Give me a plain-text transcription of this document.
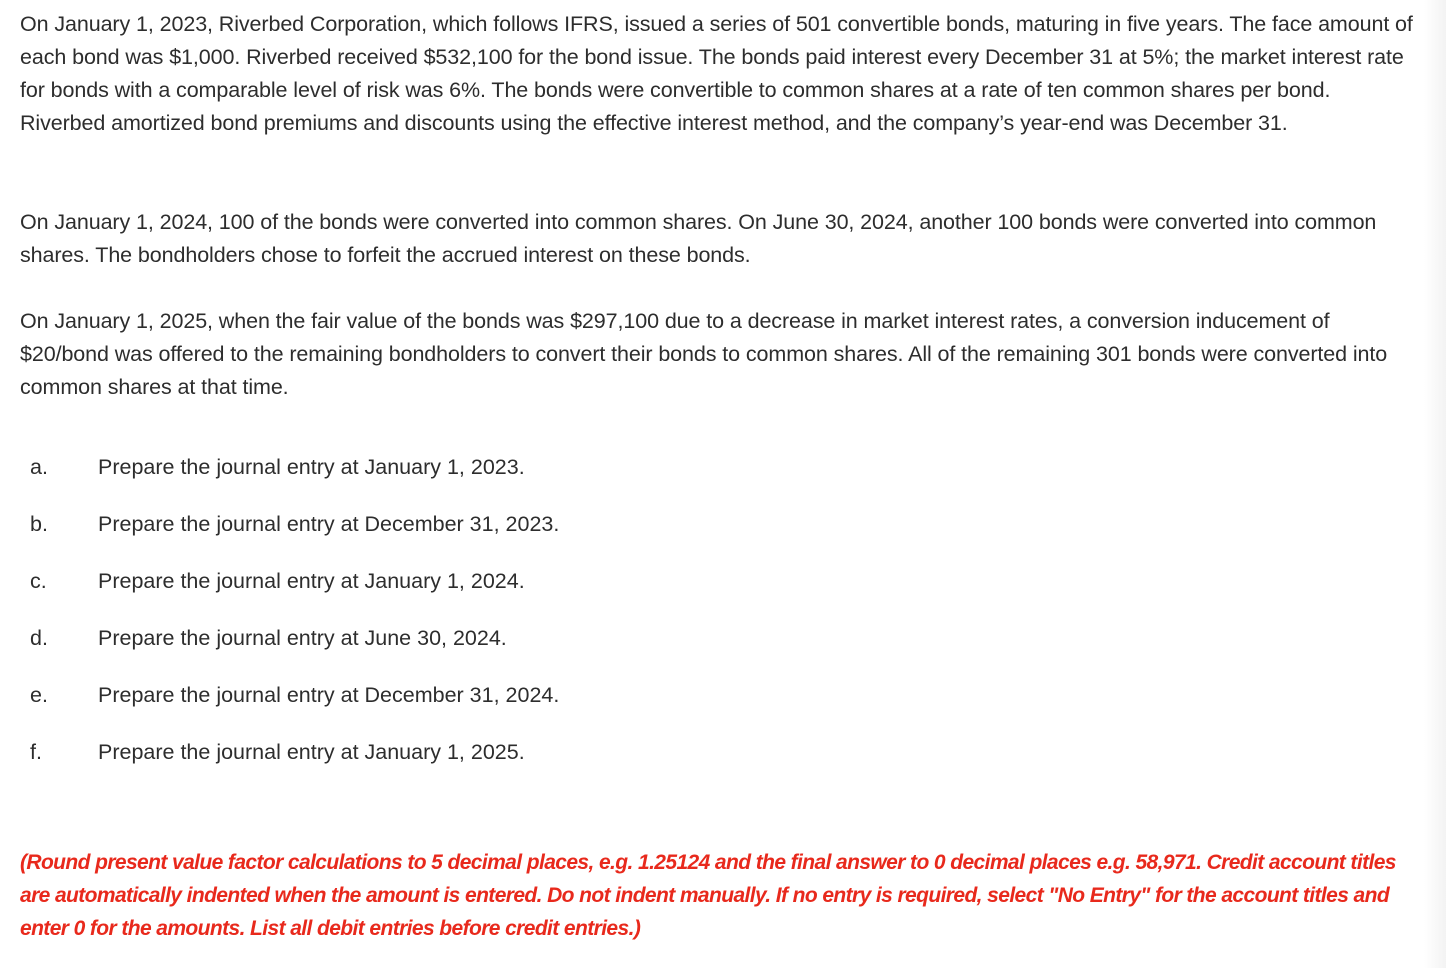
On January 1, 2023, Riverbed Corporation, which follows IFRS, issued a series of 501 convertible bonds, maturing in five years. The face amount of each bond was $1,000. Riverbed received $532,100 for the bond issue. The bonds paid interest every December 31 at 5%; the market interest rate for bonds with a comparable level of risk was 6%. The bonds were convertible to common shares at a rate of ten common shares per bond. Riverbed amortized bond premiums and discounts using the effective interest method, and the company’s year-end was December 31.

On January 1, 2024, 100 of the bonds were converted into common shares. On June 30, 2024, another 100 bonds were converted into common shares. The bondholders chose to forfeit the accrued interest on these bonds.

On January 1, 2025, when the fair value of the bonds was $297,100 due to a decrease in market interest rates, a conversion inducement of $20/bond was offered to the remaining bondholders to convert their bonds to common shares. All of the remaining 301 bonds were converted into common shares at that time.

a.	Prepare the journal entry at January 1, 2023.
b.	Prepare the journal entry at December 31, 2023.
c.	Prepare the journal entry at January 1, 2024.
d.	Prepare the journal entry at June 30, 2024.
e.	Prepare the journal entry at December 31, 2024.
f.	Prepare the journal entry at January 1, 2025.

(Round present value factor calculations to 5 decimal places, e.g. 1.25124 and the final answer to 0 decimal places e.g. 58,971. Credit account titles are automatically indented when the amount is entered. Do not indent manually. If no entry is required, select "No Entry" for the account titles and enter 0 for the amounts. List all debit entries before credit entries.)
